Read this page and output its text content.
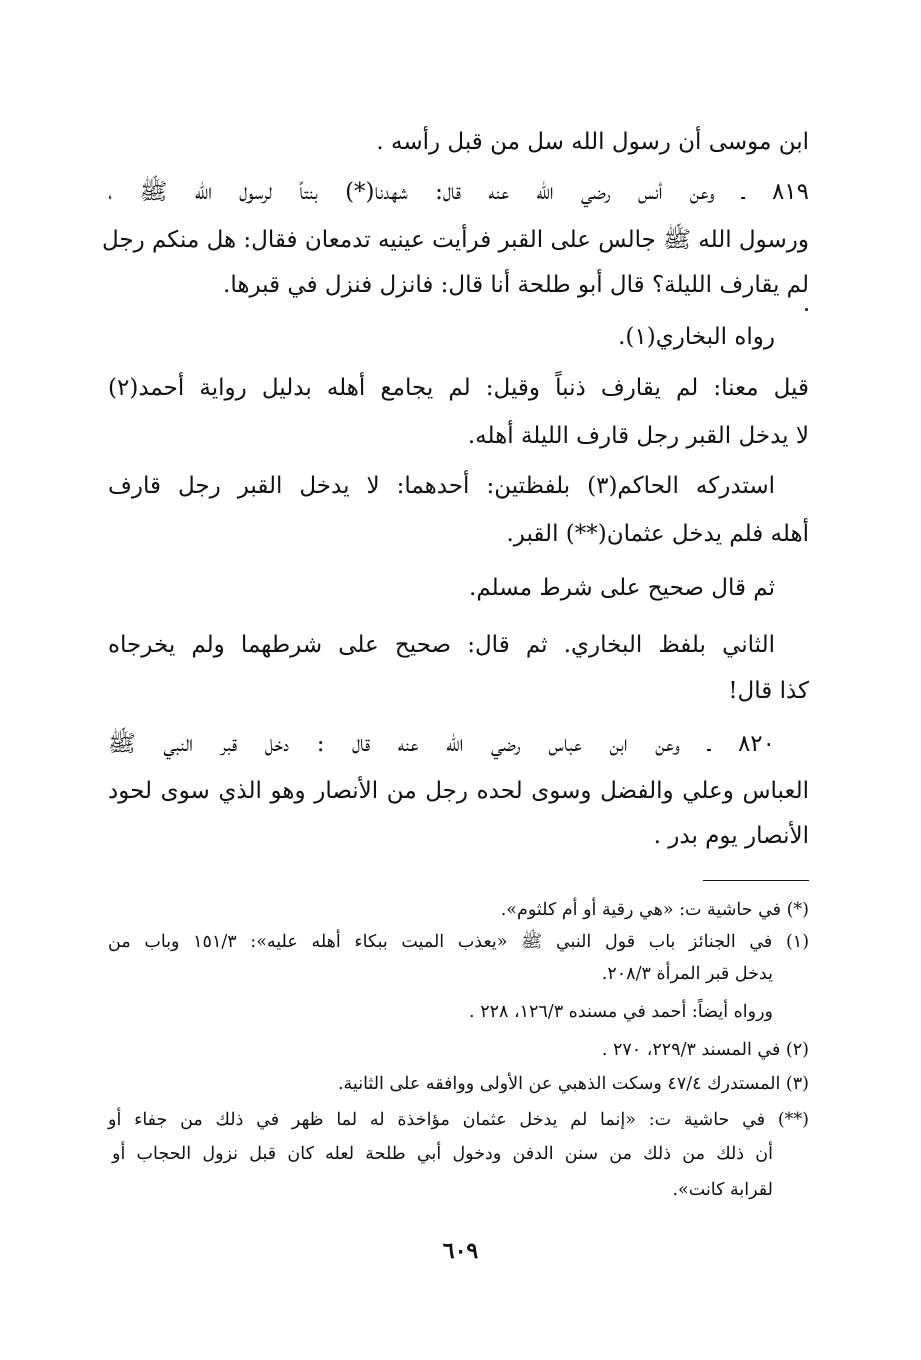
ابن موسى أن رسول الله سل من قبل رأسه .
٨١٩ ـ وعن أنس رضي الله عنه قال: شهدنا(*) بنتاً لرسول الله ﷺ ،
ورسول الله ﷺ جالس على القبر فرأيت عينيه تدمعان فقال: هل منكم رجل
لم يقارف الليلة؟ قال أبو طلحة أنا قال: فانزل فنزل في قبرها.
رواه البخاري(١).
قيل معنا: لم يقارف ذنباً وقيل: لم يجامع أهله بدليل رواية أحمد(٢)
لا يدخل القبر رجل قارف الليلة أهله.
استدركه الحاكم(٣) بلفظتين: أحدهما: لا يدخل القبر رجل قارف
أهله فلم يدخل عثمان(**) القبر.
ثم قال صحيح على شرط مسلم.
الثاني بلفظ البخاري. ثم قال: صحيح على شرطهما ولم يخرجاه
كذا قال!
٨٢٠ ـ وعن ابن عباس رضي الله عنه قال : دخل قبر النبي ﷺ
العباس وعلي والفضل وسوى لحده رجل من الأنصار وهو الذي سوى لحود
الأنصار يوم بدر .
(*) في حاشية ت: «هي رقية أو أم كلثوم».
(١) في الجنائز باب قول النبي ﷺ «يعذب الميت ببكاء أهله عليه»: ١٥١/٣ وباب من
يدخل قبر المرأة ٢٠٨/٣.
ورواه أيضاً: أحمد في مسنده ١٢٦/٣، ٢٢٨ .
(٢) في المسند ٢٢٩/٣، ٢٧٠ .
(٣) المستدرك ٤٧/٤ وسكت الذهبي عن الأولى ووافقه على الثانية.
(**) في حاشية ت: «إنما لم يدخل عثمان مؤاخذة له لما ظهر في ذلك من جفاء أو
أن ذلك من ذلك من سنن الدفن ودخول أبي طلحة لعله كان قبل نزول الحجاب أو
لقرابة كانت».
٦٠٩
